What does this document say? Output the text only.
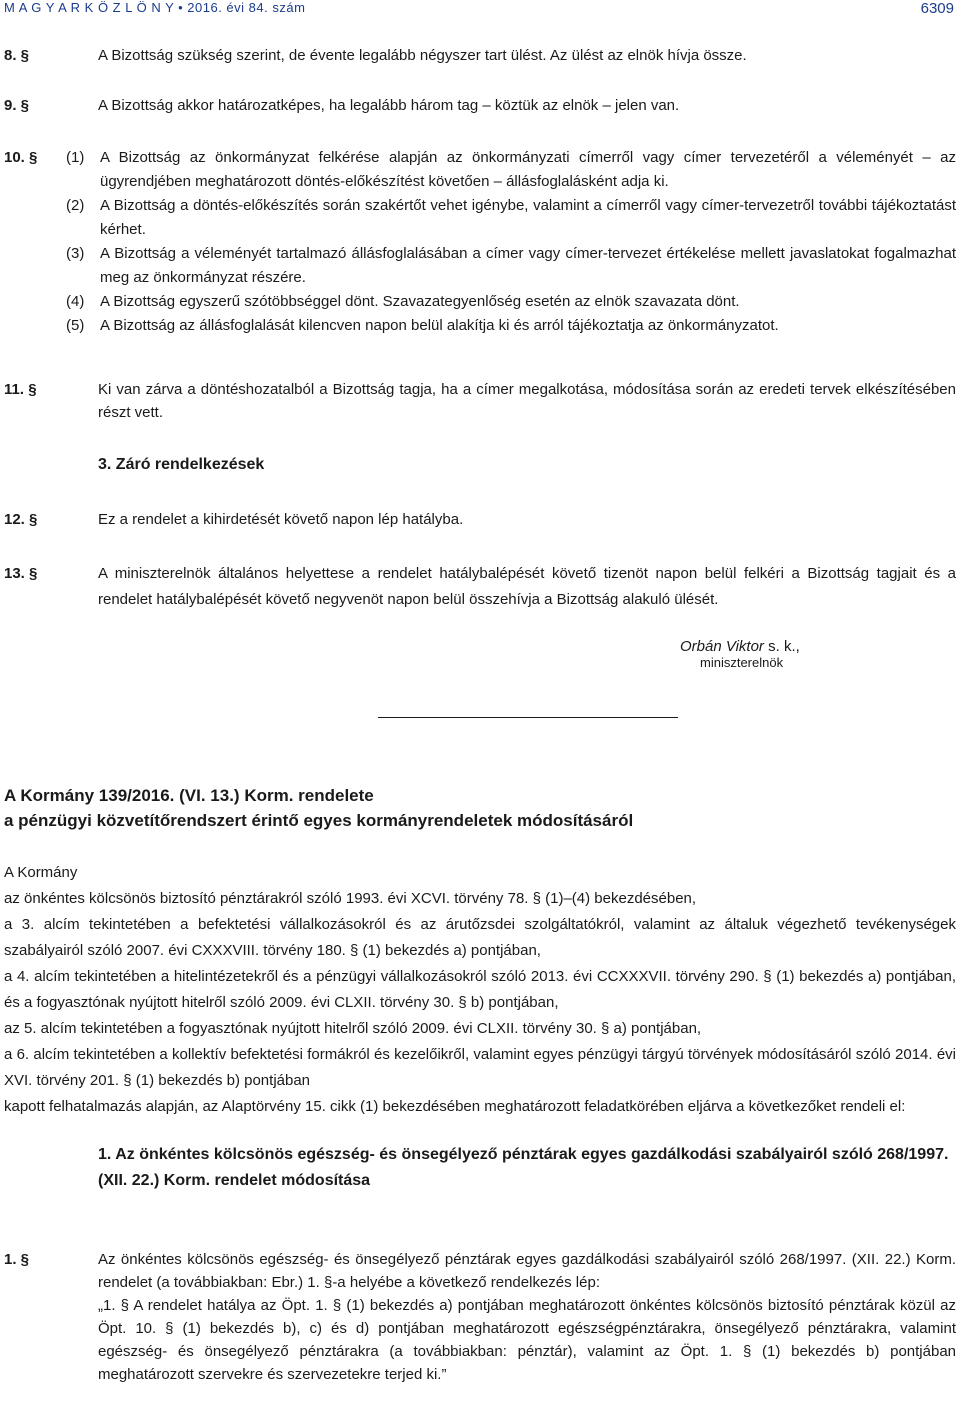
M A G Y A R K Ö Z L Ö N Y • 2016. évi 84. szám	6309
8. §	A Bizottság szükség szerint, de évente legalább négyszer tart ülést. Az ülést az elnök hívja össze.
9. §	A Bizottság akkor határozatképes, ha legalább három tag – köztük az elnök – jelen van.
10. § (1)	A Bizottság az önkormányzat felkérése alapján az önkormányzati címerről vagy címer tervezetéről a véleményét – az ügyrendjében meghatározott döntés-előkészítést követően – állásfoglalásként adja ki.
(2)	A Bizottság a döntés-előkészítés során szakértőt vehet igénybe, valamint a címerről vagy címer-tervezetről további tájékoztatást kérhet.
(3)	A Bizottság a véleményét tartalmazó állásfoglalásában a címer vagy címer-tervezet értékelése mellett javaslatokat fogalmazhat meg az önkormányzat részére.
(4)	A Bizottság egyszerű szótöbbséggel dönt. Szavazategyenlőség esetén az elnök szavazata dönt.
(5)	A Bizottság az állásfoglalását kilencven napon belül alakítja ki és arról tájékoztatja az önkormányzatot.
11. §	Ki van zárva a döntéshozatalból a Bizottság tagja, ha a címer megalkotása, módosítása során az eredeti tervek elkészítésében részt vett.
3. Záró rendelkezések
12. §	Ez a rendelet a kihirdetését követő napon lép hatályba.
13. §	A miniszterelnök általános helyettese a rendelet hatálybalépését követő tizenöt napon belül felkéri a Bizottság tagjait és a rendelet hatálybalépését követő negyvenöt napon belül összehívja a Bizottság alakuló ülését.
Orbán Viktor s. k.,
miniszterelnök
A Kormány 139/2016. (VI. 13.) Korm. rendelete
a pénzügyi közvetítőrendszert érintő egyes kormányrendeletek módosításáról
A Kormány
az önkéntes kölcsönös biztosító pénztárakról szóló 1993. évi XCVI. törvény 78. § (1)–(4) bekezdésében,
a 3. alcím tekintetében a befektetési vállalkozásokról és az árutőzsdei szolgáltatókról, valamint az általuk végezhető tevékenységek szabályairól szóló 2007. évi CXXXVIII. törvény 180. § (1) bekezdés a) pontjában,
a 4. alcím tekintetében a hitelintézetekről és a pénzügyi vállalkozásokról szóló 2013. évi CCXXXVII. törvény 290. § (1) bekezdés a) pontjában, és a fogyasztónak nyújtott hitelről szóló 2009. évi CLXII. törvény 30. § b) pontjában,
az 5. alcím tekintetében a fogyasztónak nyújtott hitelről szóló 2009. évi CLXII. törvény 30. § a) pontjában,
a 6. alcím tekintetében a kollektív befektetési formákról és kezelőikről, valamint egyes pénzügyi tárgyú törvények módosításáról szóló 2014. évi XVI. törvény 201. § (1) bekezdés b) pontjában
kapott felhatalmazás alapján, az Alaptörvény 15. cikk (1) bekezdésében meghatározott feladatkörében eljárva a következőket rendeli el:
1. Az önkéntes kölcsönös egészség- és önsegélyező pénztárak egyes gazdálkodási szabályairól szóló 268/1997. (XII. 22.) Korm. rendelet módosítása
1. §	Az önkéntes kölcsönös egészség- és önsegélyező pénztárak egyes gazdálkodási szabályairól szóló 268/1997. (XII. 22.) Korm. rendelet (a továbbiakban: Ebr.) 1. §-a helyébe a következő rendelkezés lép:
„1. § A rendelet hatálya az Öpt. 1. § (1) bekezdés a) pontjában meghatározott önkéntes kölcsönös biztosító pénztárak közül az Öpt. 10. § (1) bekezdés b), c) és d) pontjában meghatározott egészségpénztárakra, önsegélyező pénztárakra, valamint egészség- és önsegélyező pénztárakra (a továbbiakban: pénztár), valamint az Öpt. 1. § (1) bekezdés b) pontjában meghatározott szervekre és szervezetekre terjed ki.”
